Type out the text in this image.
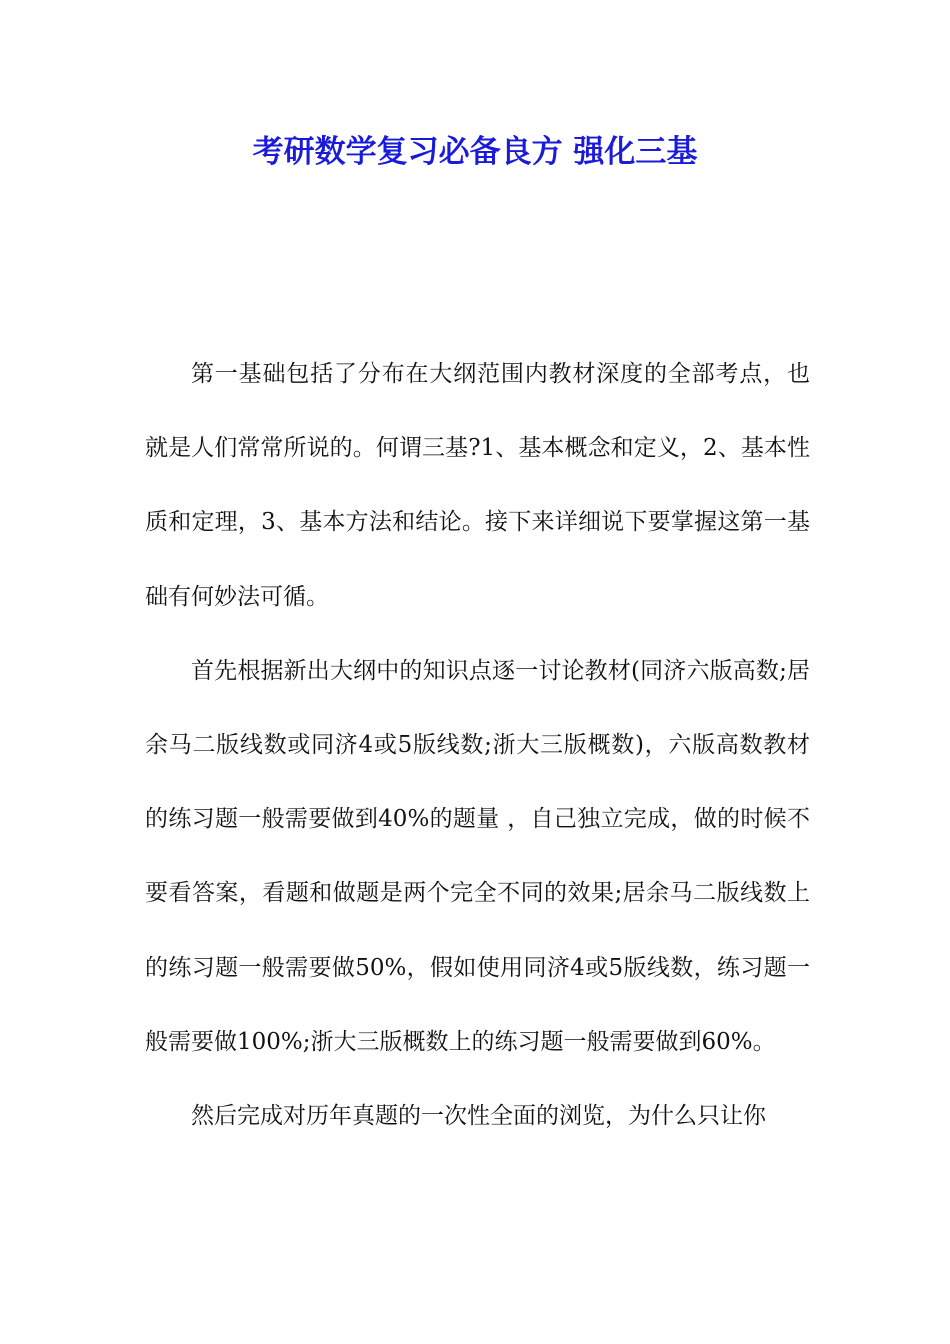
考研数学复习必备良方 强化三基

第一基础包括了分布在大纲范围内教材深度的全部考点，也就是人们常常所说的。何谓三基?1、基本概念和定义，2、基本性质和定理，3、基本方法和结论。接下来详细说下要掌握这第一基础有何妙法可循。

首先根据新出大纲中的知识点逐一讨论教材(同济六版高数;居余马二版线数或同济4或5版线数;浙大三版概数)，六版高数教材的练习题一般需要做到40%的题量 ，自己独立完成，做的时候不要看答案，看题和做题是两个完全不同的效果;居余马二版线数上的练习题一般需要做50%，假如使用同济4或5版线数，练习题一般需要做100%;浙大三版概数上的练习题一般需要做到60%。

然后完成对历年真题的一次性全面的浏览，为什么只让你
